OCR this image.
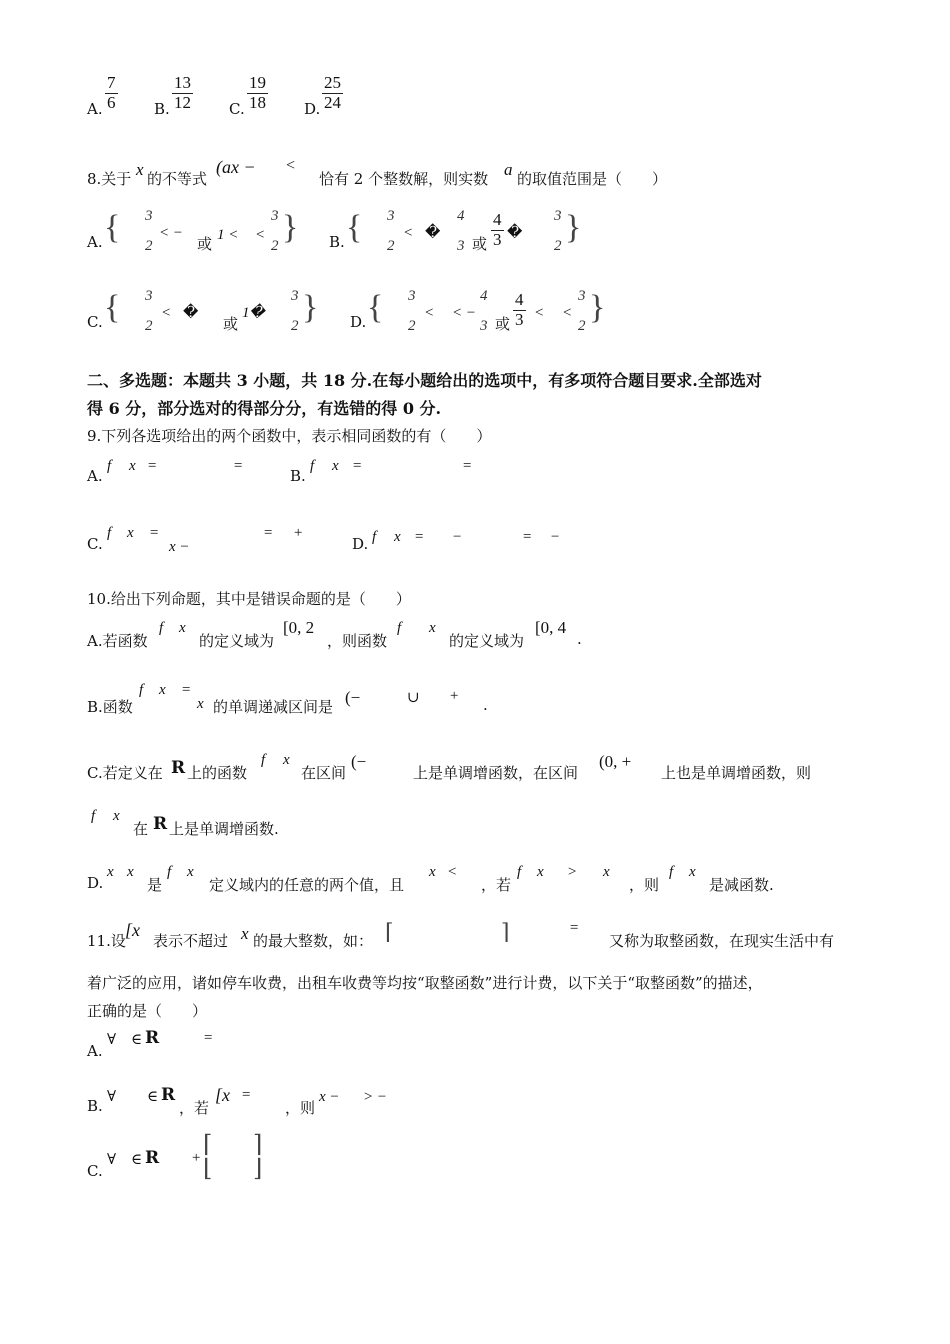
A. $\frac{7}{6} B$. $\frac{13}{12} C$. $\frac{19}{18} D$. $\frac{25}{24}$
8.关于 x 的不等式
(ax − <
恰有 2 个整数解，则实数 a 的取值范围是（　　）
A. { 3
2
< −
或 1 < <
3
2 } B. { 3
2
< �
4
3 或 $\frac{4}{3}$ �
3
2 }
C. { 3
2
< �
或
1�
3
2 } D. { 3
2
< < −
4
3 或 $\frac{4}{3}$ < <
3
2 }
二、多选题：本题共 3 小题，共 18 分.在每小题给出的选项中，有多项符合题目要求.全部选对
得 6 分，部分选对的得部分分，有选错的得 0 分.
9.下列各选项给出的两个函数中，表示相同函数的有（　　）
A.
f x =	=
B.
f x =	=
C.
f x =
x −
= +
D. f x = −	= −
10.给出下列命题，其中是错误命题的是（　　）
A.若函数
f x
的定义域为
[0, 2
，则函数
f x
的定义域为
[0, 4
.
B.函数
f x =
x 的单调递减区间是 (−	∪ + .
C.若定义在 R 上的函数
f x
在区间
(−
上是单调增函数，在区间
(0, +
上也是单调增函数，则
f x
在 R 上是单调增函数.
D.
x x
是
f x
定义域内的任意的两个值，且
x <
，若
f x > x
，则
f x
是减函数.
11.设
[x
表示不超过 x 的最大整数，如： ⌈	⌉	=
又称为取整函数，在现实生活中有
着广泛的应用，诸如停车收费，出租车收费等均按“取整函数”进行计费，以下关于“取整函数”的描述，
正确的是（　　）
A.
∀ ∈ R	=
B.
∀ ∈ R
，若
[x =
，则
x − > −
C.
∀ ∈ R + ⌈
⌊
⌉
⌋
